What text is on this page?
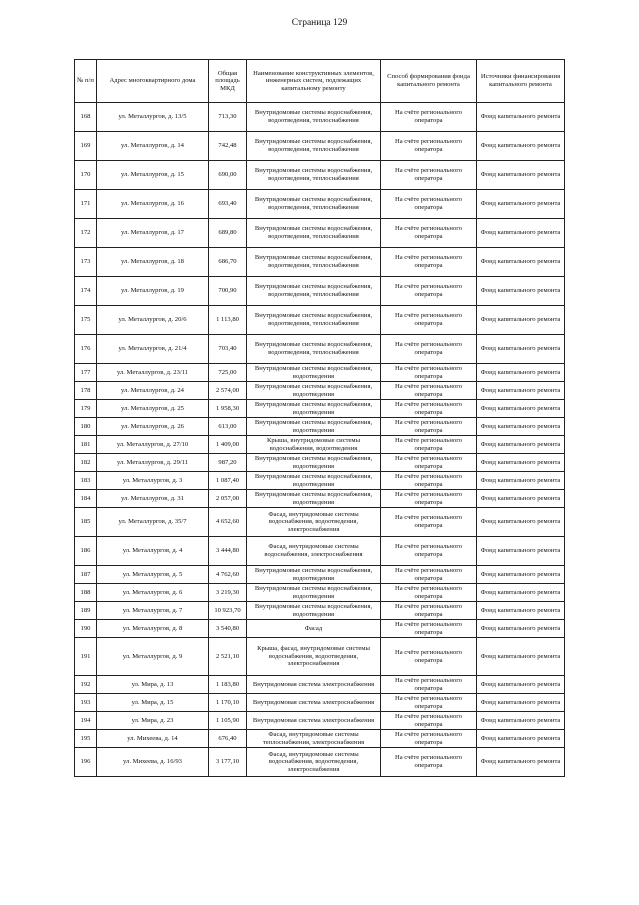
Страница 129
№ п/п	Адрес многоквартирного дома	Общая площадь МКД	Наименование конструктивных элементов, инженерных систем, подлежащих капитальному ремонту	Способ формирования фонда капитального ремонта	Источники финансирования капитального ремонта
168	ул. Металлургов, д. 13/5	713,30	Внутридомовые системы водоснабжения, водоотведения, теплоснабжения	На счёте регионального оператора	Фонд капитального ремонта
169	ул. Металлургов, д. 14	742,48	Внутридомовые системы водоснабжения, водоотведения, теплоснабжения	На счёте регионального оператора	Фонд капитального ремонта
170	ул. Металлургов, д. 15	690,00	Внутридомовые системы водоснабжения, водоотведения, теплоснабжения	На счёте регионального оператора	Фонд капитального ремонта
171	ул. Металлургов, д. 16	693,40	Внутридомовые системы водоснабжения, водоотведения, теплоснабжения	На счёте регионального оператора	Фонд капитального ремонта
172	ул. Металлургов, д. 17	689,80	Внутридомовые системы водоснабжения, водоотведения, теплоснабжения	На счёте регионального оператора	Фонд капитального ремонта
173	ул. Металлургов, д. 18	686,70	Внутридомовые системы водоснабжения, водоотведения, теплоснабжения	На счёте регионального оператора	Фонд капитального ремонта
174	ул. Металлургов, д. 19	700,90	Внутридомовые системы водоснабжения, водоотведения, теплоснабжения	На счёте регионального оператора	Фонд капитального ремонта
175	ул. Металлургов, д. 20/6	1 113,80	Внутридомовые системы водоснабжения, водоотведения, теплоснабжения	На счёте регионального оператора	Фонд капитального ремонта
176	ул. Металлургов, д. 21/4	703,40	Внутридомовые системы водоснабжения, водоотведения, теплоснабжения	На счёте регионального оператора	Фонд капитального ремонта
177	ул. Металлургов, д. 23/11	725,00	Внутридомовые системы водоснабжения, водоотведения	На счёте регионального оператора	Фонд капитального ремонта
178	ул. Металлургов, д. 24	2 574,00	Внутридомовые системы водоснабжения, водоотведения	На счёте регионального оператора	Фонд капитального ремонта
179	ул. Металлургов, д. 25	1 958,30	Внутридомовые системы водоснабжения, водоотведения	На счёте регионального оператора	Фонд капитального ремонта
180	ул. Металлургов, д. 26	613,00	Внутридомовые системы водоснабжения, водоотведения	На счёте регионального оператора	Фонд капитального ремонта
181	ул. Металлургов, д. 27/10	1 409,00	Крыша, внутридомовые системы водоснабжения, водоотведения	На счёте регионального оператора	Фонд капитального ремонта
182	ул. Металлургов, д. 29/11	987,20	Внутридомовые системы водоснабжения, водоотведения	На счёте регионального оператора	Фонд капитального ремонта
183	ул. Металлургов, д. 3	1 087,40	Внутридомовые системы водоснабжения, водоотведения	На счёте регионального оператора	Фонд капитального ремонта
184	ул. Металлургов, д. 31	2 057,00	Внутридомовые системы водоснабжения, водоотведения	На счёте регионального оператора	Фонд капитального ремонта
185	ул. Металлургов, д. 35/7	4 652,60	Фасад, внутридомовые системы водоснабжения, водоотведения, электроснабжения	На счёте регионального оператора	Фонд капитального ремонта
186	ул. Металлургов, д. 4	3 444,80	Фасад, внутридомовые системы водоснабжения, электроснабжения	На счёте регионального оператора	Фонд капитального ремонта
187	ул. Металлургов, д. 5	4 762,60	Внутридомовые системы водоснабжения, водоотведения	На счёте регионального оператора	Фонд капитального ремонта
188	ул. Металлургов, д. 6	3 219,30	Внутридомовые системы водоснабжения, водоотведения	На счёте регионального оператора	Фонд капитального ремонта
189	ул. Металлургов, д. 7	10 923,70	Внутридомовые системы водоснабжения, водоотведения	На счёте регионального оператора	Фонд капитального ремонта
190	ул. Металлургов, д. 8	3 540,80	Фасад	На счёте регионального оператора	Фонд капитального ремонта
191	ул. Металлургов, д. 9	2 521,10	Крыша, фасад, внутридомовые системы водоснабжения, водоотведения, электроснабжения	На счёте регионального оператора	Фонд капитального ремонта
192	ул. Мира, д. 13	1 183,80	Внутридомовая система электроснабжения	На счёте регионального оператора	Фонд капитального ремонта
193	ул. Мира, д. 15	1 170,10	Внутридомовая система электроснабжения	На счёте регионального оператора	Фонд капитального ремонта
194	ул. Мира, д. 23	1 105,90	Внутридомовая система электроснабжения	На счёте регионального оператора	Фонд капитального ремонта
195	ул. Михеева, д. 14	676,40	Фасад, внутридомовые системы теплоснабжения, электроснабжения	На счёте регионального оператора	Фонд капитального ремонта
196	ул. Михеева, д. 16/93	3 177,10	Фасад, внутридомовые системы водоснабжения, водоотведения, электроснабжения	На счёте регионального оператора	Фонд капитального ремонта
